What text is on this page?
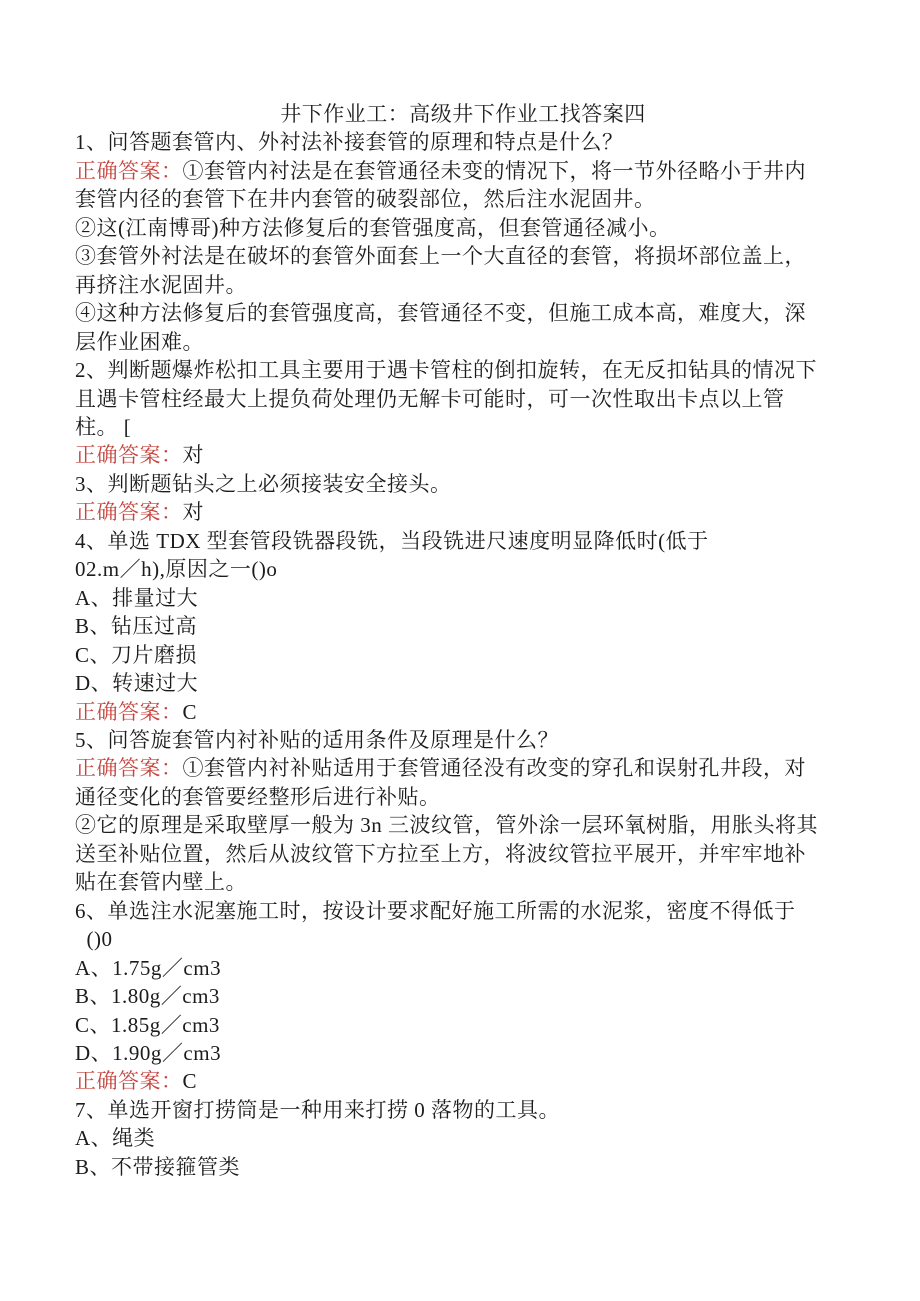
井下作业工：高级井下作业工找答案四
1、问答题套管内、外衬法补接套管的原理和特点是什么？
正确答案：①套管内衬法是在套管通径未变的情况下，将一节外径略小于井内
套管内径的套管下在井内套管的破裂部位，然后注水泥固井。
②这(江南博哥)种方法修复后的套管强度高，但套管通径减小。
③套管外衬法是在破坏的套管外面套上一个大直径的套管，将损坏部位盖上，
再挤注水泥固井。
④这种方法修复后的套管强度高，套管通径不变，但施工成本高，难度大，深
层作业困难。
2、判断题爆炸松扣工具主要用于遇卡管柱的倒扣旋转，在无反扣钻具的情况下
且遇卡管柱经最大上提负荷处理仍无解卡可能时，可一次性取出卡点以上管
柱。 [
正确答案：对
3、判断题钻头之上必须接装安全接头。
正确答案：对
4、单选 TDX 型套管段铣器段铣，当段铣进尺速度明显降低时(低于
02.m／h),原因之一()o
A、排量过大
B、钻压过高
C、刀片磨损
D、转速过大
正确答案：C
5、问答旋套管内衬补贴的适用条件及原理是什么？
正确答案：①套管内衬补贴适用于套管通径没有改变的穿孔和误射孔井段，对
通径变化的套管要经整形后进行补贴。
②它的原理是采取壁厚一般为 3n 三波纹管，管外涂一层环氧树脂，用胀头将其
送至补贴位置，然后从波纹管下方拉至上方，将波纹管拉平展开，并牢牢地补
贴在套管内壁上。
6、单选注水泥塞施工时，按设计要求配好施工所需的水泥浆，密度不得低于
()0
A、1.75g／cm3
B、1.80g／cm3
C、1.85g／cm3
D、1.90g／cm3
正确答案：C
7、单选开窗打捞筒是一种用来打捞 0 落物的工具。
A、绳类
B、不带接箍管类
